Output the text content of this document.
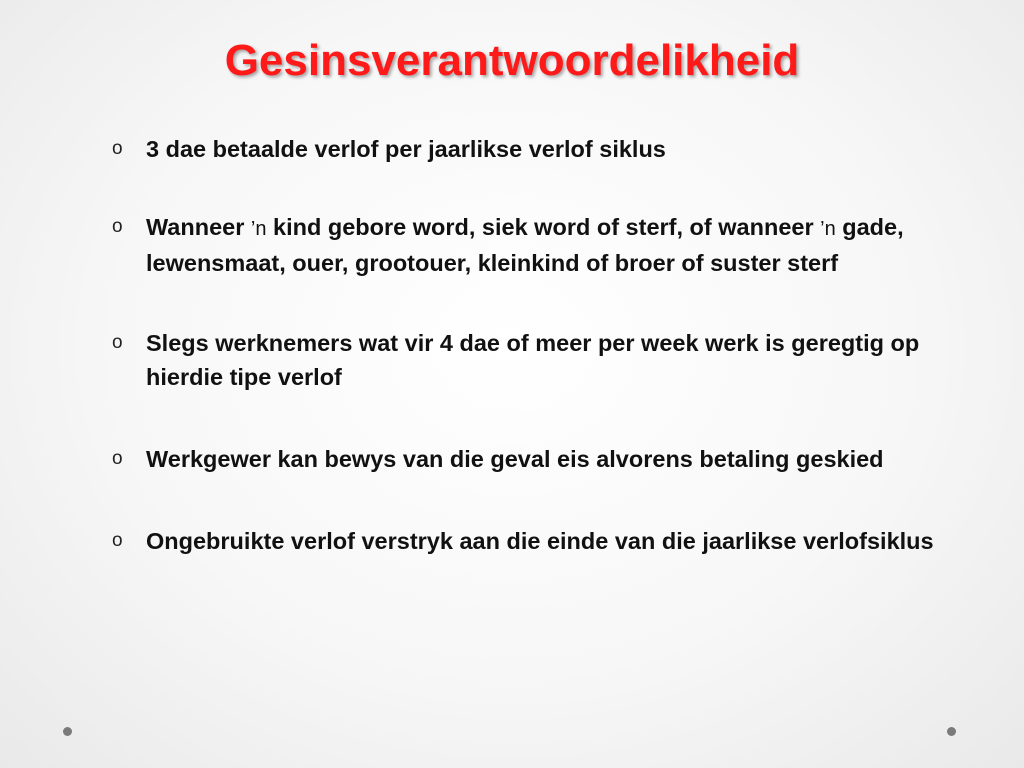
Gesinsverantwoordelikheid
o 3 dae betaalde verlof per jaarlikse verlof siklus
o Wanneer ’n kind gebore word, siek word of sterf, of wanneer ’n gade, lewensmaat, ouer, grootouer, kleinkind of broer of suster sterf
o Slegs werknemers wat vir 4 dae of meer per week werk is geregtig op hierdie tipe verlof
o Werkgewer kan bewys van die geval eis alvorens betaling geskied
o Ongebruikte verlof verstryk aan die einde van die jaarlikse verlofsiklus
